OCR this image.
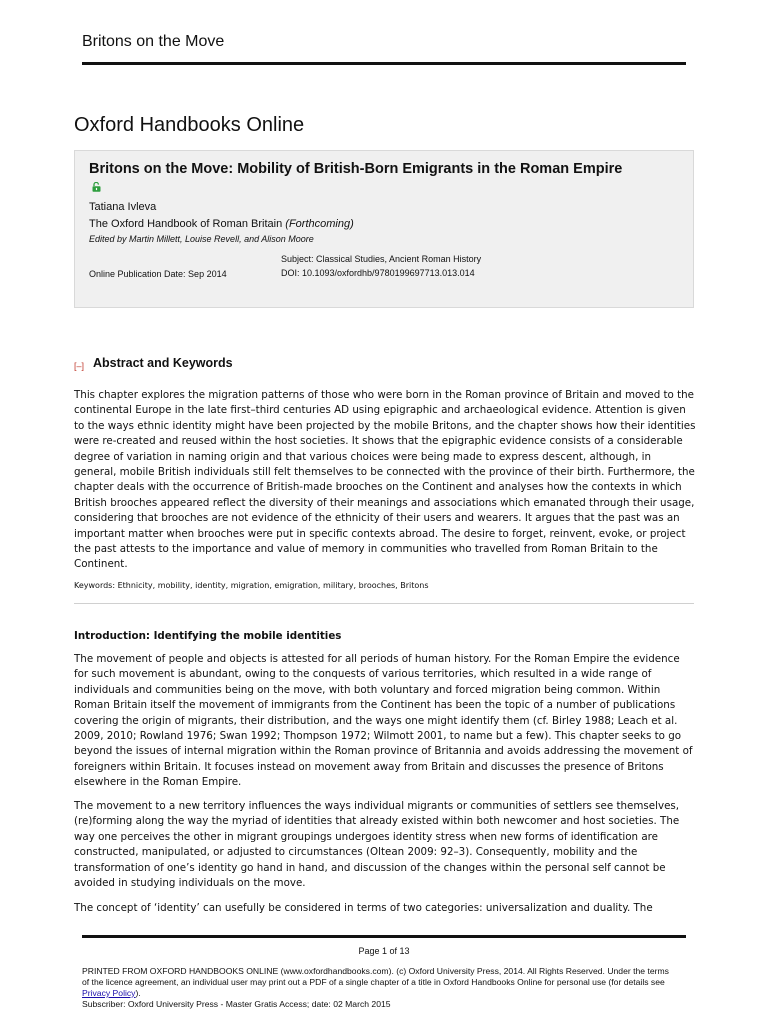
Britons on the Move
Oxford Handbooks Online
Britons on the Move: Mobility of British-Born Emigrants in the Roman Empire
Tatiana Ivleva
The Oxford Handbook of Roman Britain (Forthcoming)
Edited by Martin Millett, Louise Revell, and Alison Moore
Subject: Classical Studies, Ancient Roman History
Online Publication Date: Sep 2014	DOI: 10.1093/oxfordhb/9780199697713.013.014
[–] Abstract and Keywords
This chapter explores the migration patterns of those who were born in the Roman province of Britain and moved to the continental Europe in the late first–third centuries AD using epigraphic and archaeological evidence. Attention is given to the ways ethnic identity might have been projected by the mobile Britons, and the chapter shows how their identities were re-created and reused within the host societies. It shows that the epigraphic evidence consists of a considerable degree of variation in naming origin and that various choices were being made to express descent, although, in general, mobile British individuals still felt themselves to be connected with the province of their birth. Furthermore, the chapter deals with the occurrence of British-made brooches on the Continent and analyses how the contexts in which British brooches appeared reflect the diversity of their meanings and associations which emanated through their usage, considering that brooches are not evidence of the ethnicity of their users and wearers. It argues that the past was an important matter when brooches were put in specific contexts abroad. The desire to forget, reinvent, evoke, or project the past attests to the importance and value of memory in communities who travelled from Roman Britain to the Continent.
Keywords: Ethnicity, mobility, identity, migration, emigration, military, brooches, Britons
Introduction: Identifying the mobile identities
The movement of people and objects is attested for all periods of human history. For the Roman Empire the evidence for such movement is abundant, owing to the conquests of various territories, which resulted in a wide range of individuals and communities being on the move, with both voluntary and forced migration being common. Within Roman Britain itself the movement of immigrants from the Continent has been the topic of a number of publications covering the origin of migrants, their distribution, and the ways one might identify them (cf. Birley 1988; Leach et al. 2009, 2010; Rowland 1976; Swan 1992; Thompson 1972; Wilmott 2001, to name but a few). This chapter seeks to go beyond the issues of internal migration within the Roman province of Britannia and avoids addressing the movement of foreigners within Britain. It focuses instead on movement away from Britain and discusses the presence of Britons elsewhere in the Roman Empire.
The movement to a new territory influences the ways individual migrants or communities of settlers see themselves, (re)forming along the way the myriad of identities that already existed within both newcomer and host societies. The way one perceives the other in migrant groupings undergoes identity stress when new forms of identification are constructed, manipulated, or adjusted to circumstances (Oltean 2009: 92–3). Consequently, mobility and the transformation of one’s identity go hand in hand, and discussion of the changes within the personal self cannot be avoided in studying individuals on the move.
The concept of ‘identity’ can usefully be considered in terms of two categories: universalization and duality. The
Page 1 of 13
PRINTED FROM OXFORD HANDBOOKS ONLINE (www.oxfordhandbooks.com). (c) Oxford University Press, 2014. All Rights Reserved. Under the terms of the licence agreement, an individual user may print out a PDF of a single chapter of a title in Oxford Handbooks Online for personal use (for details see Privacy Policy).
Subscriber: Oxford University Press - Master Gratis Access; date: 02 March 2015
